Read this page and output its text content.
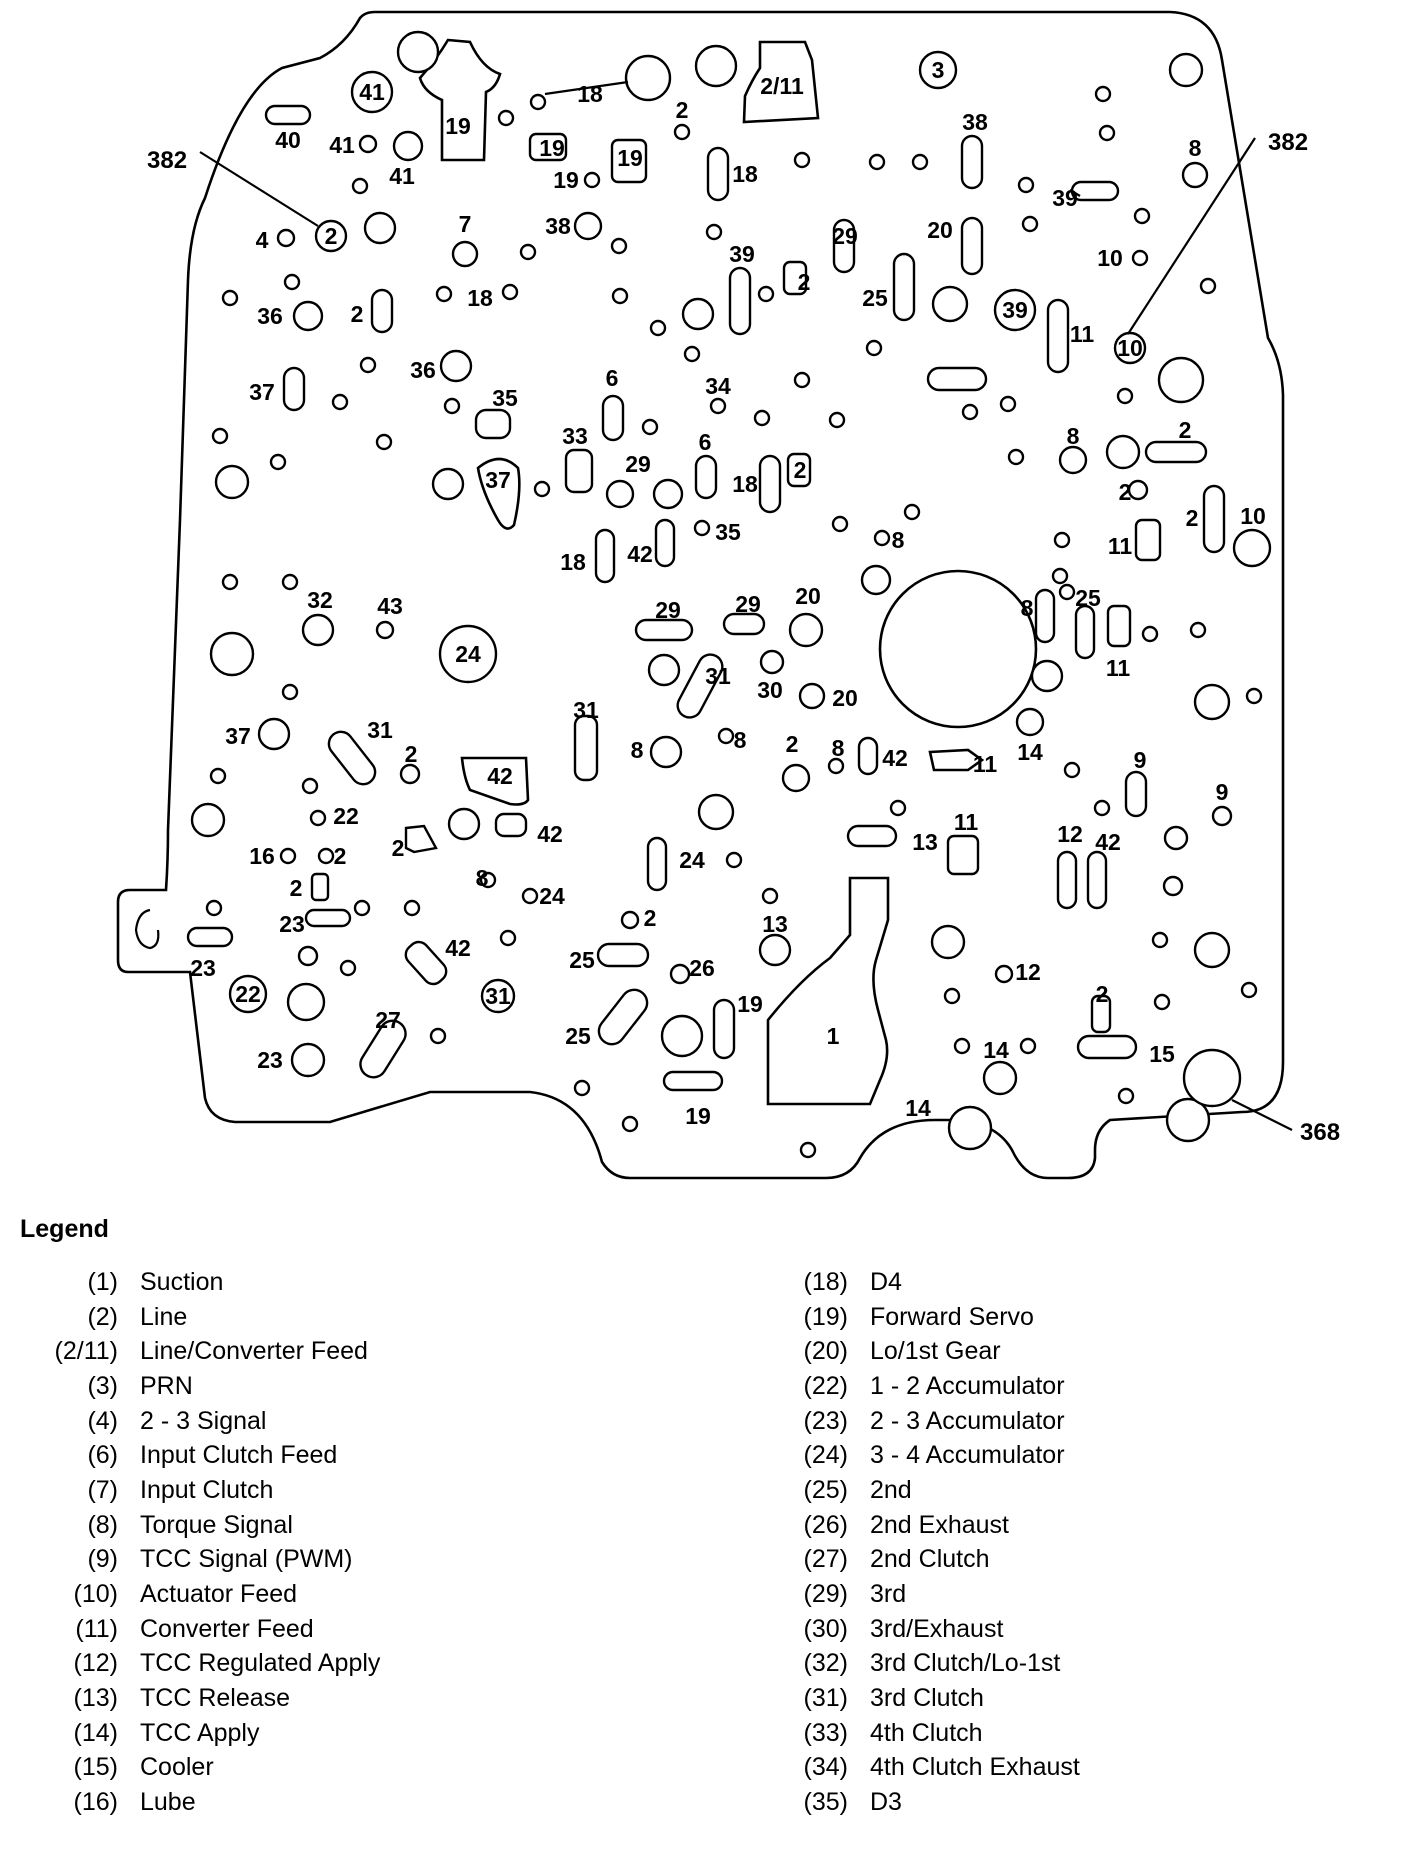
41
19
18	2/11
3
40 41
41
19
19
19
2
18
38
8
4 2	7	38
39
29	20
39
2
25
10
36	2
18	39
11
10
37
36
35
6	34
2
33
29
6
37	18
2
8
2
2 10
18 42
35	8	11
32 43	29 29 20	8 25
24
31
30 20
11
31
37	31
2	8	8 2 8 42	11 14	9
42
9
22
42
2
11	12 42
16	2
13
24
2	8
24
23	2	13
42
23	25	26	12
22	31	19	2
27
25	1
14	15
23
19	14
382
382
368
Legend
(1) Suction
(2) Line
(2/11) Line/Converter Feed
(3) PRN
(4) 2 - 3 Signal
(6) Input Clutch Feed
(7) Input Clutch
(8) Torque Signal
(9) TCC Signal (PWM)
(10) Actuator Feed
(11) Converter Feed
(12) TCC Regulated Apply
(13) TCC Release
(14) TCC Apply
(15) Cooler
(16) Lube
(18) D4
(19) Forward Servo
(20) Lo/1st Gear
(22) 1 - 2 Accumulator
(23) 2 - 3 Accumulator
(24) 3 - 4 Accumulator
(25) 2nd
(26) 2nd Exhaust
(27) 2nd Clutch
(29) 3rd
(30) 3rd/Exhaust
(32) 3rd Clutch/Lo-1st
(31) 3rd Clutch
(33) 4th Clutch
(34) 4th Clutch Exhaust
(35) D3
